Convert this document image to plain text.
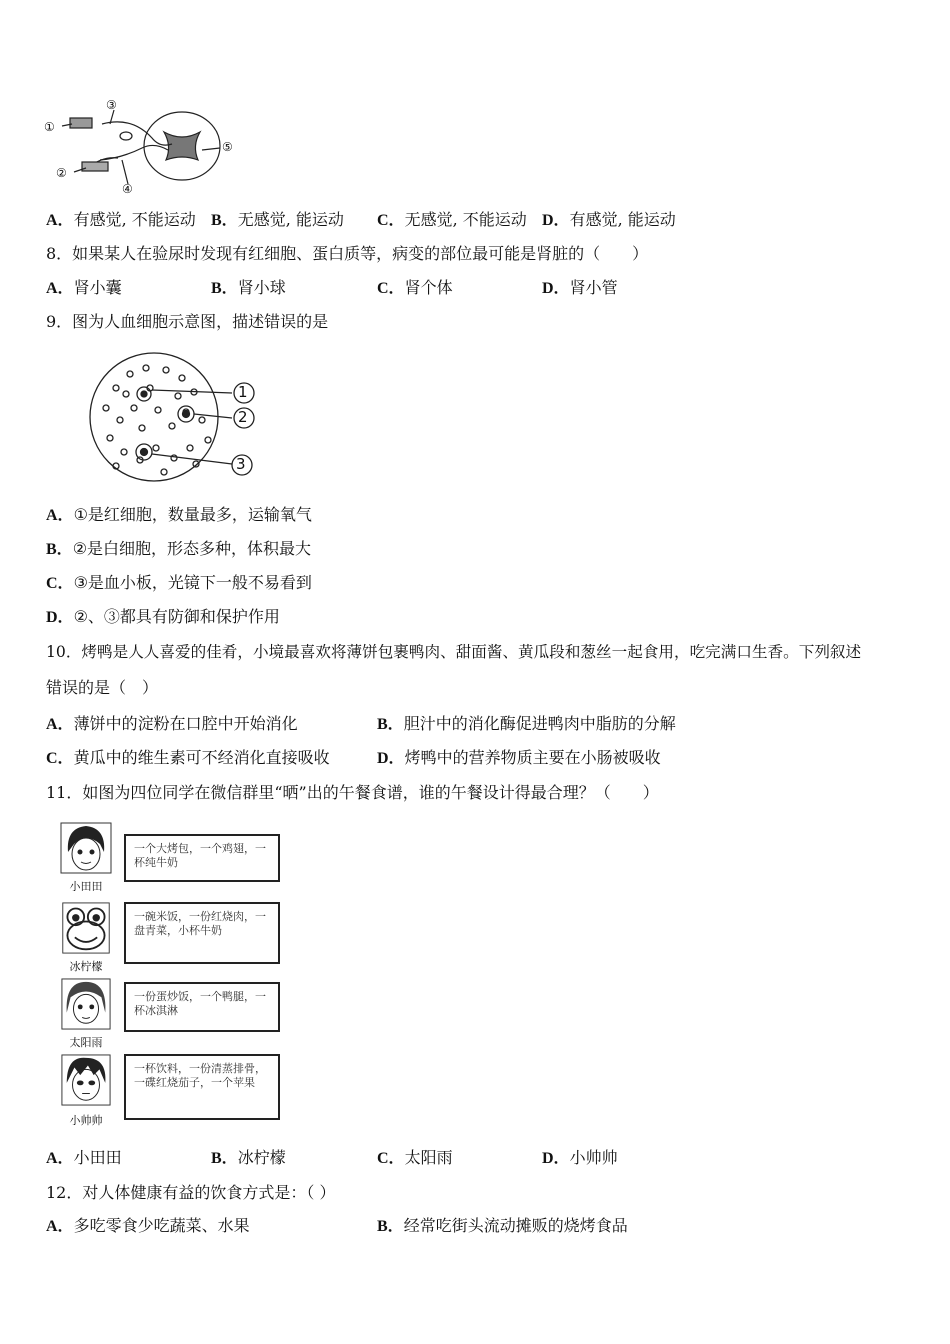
①
②
③
④
⑤
A．有感觉, 不能运动 B．无感觉, 能运动 C．无感觉, 不能运动 D．有感觉, 能运动
8．如果某人在验尿时发现有红细胞、蛋白质等，病变的部位最可能是肾脏的（　　）
A．肾小囊	B．肾小球	C．肾个体	D．肾小管
9．图为人血细胞示意图，描述错误的是
1
2
3
A．①是红细胞，数量最多，运输氧气
B．②是白细胞，形态多种，体积最大
C．③是血小板，光镜下一般不易看到
D．②、③都具有防御和保护作用
10．烤鸭是人人喜爱的佳肴，小境最喜欢将薄饼包裹鸭肉、甜面酱、黄瓜段和葱丝一起食用，吃完满口生香。下列叙述
错误的是（　）
A．薄饼中的淀粉在口腔中开始消化	B．胆汁中的消化酶促进鸭肉中脂肪的分解
C．黄瓜中的维生素可不经消化直接吸收	D．烤鸭中的营养物质主要在小肠被吸收
11．如图为四位同学在微信群里“晒”出的午餐食谱，谁的午餐设计得最合理？（　　）
小田田
一个大烤包，一个鸡翅，一杯纯牛奶
冰柠檬
一碗米饭，一份红烧肉，一盘青菜，小杯牛奶
太阳雨
一份蛋炒饭，一个鸭腿，一杯冰淇淋
小帅帅
一杯饮料，一份清蒸排骨，一碟红烧茄子，一个苹果
A．小田田	B．冰柠檬	C．太阳雨	D．小帅帅
12．对人体健康有益的饮食方式是：（ ）
A．多吃零食少吃蔬菜、水果	B．经常吃街头流动摊贩的烧烤食品
